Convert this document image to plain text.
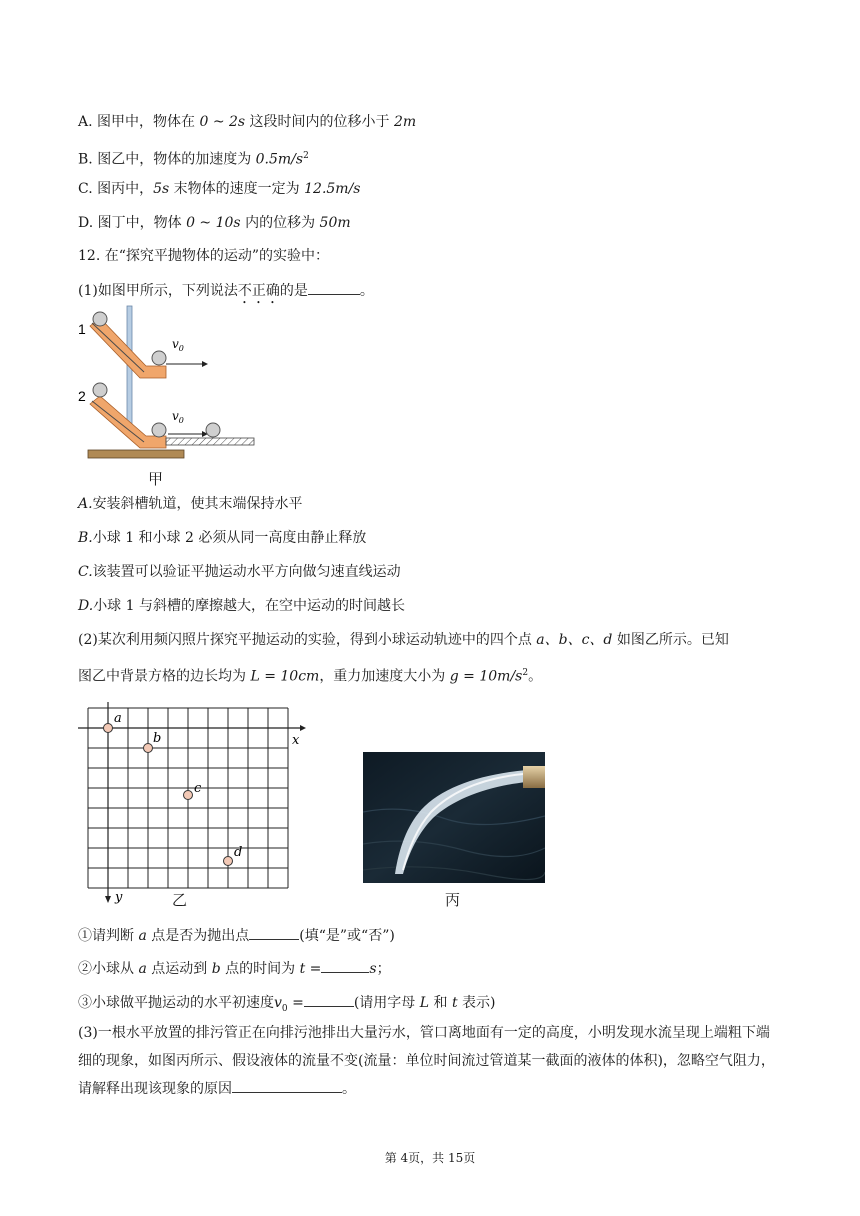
A. 图甲中，物体在 0 ~ 2s 这段时间内的位移小于 2m
B. 图乙中，物体的加速度为 $0.5m/s^2$
C. 图丙中，5s 末物体的速度一定为 12.5m/s
D. 图丁中，物体 0 ~ 10s 内的位移为 50m
12. 在“探究平抛物体的运动”的实验中：
(1)如图甲所示，下列说法不正确的是	。
$v_0$
1
$v_0$
2
甲
A.安装斜槽轨道，使其末端保持水平
B.小球 1 和小球 2 必须从同一高度由静止释放
C.该装置可以验证平抛运动水平方向做匀速直线运动
D.小球 1 与斜槽的摩擦越大，在空中运动的时间越长
(2)某次利用频闪照片探究平抛运动的实验，得到小球运动轨迹中的四个点 a、b、c、d 如图乙所示。已知
图乙中背景方格的边长均为 L = 10cm，重力加速度大小为 $g = 10m/s^2$。
x
y
a
b
c
d
乙	丙
①请判断 a 点是否为抛出点	(填“是”或“否”)
②小球从 a 点运动到 b 点的时间为 t =	s；
③小球做平抛运动的水平初速度$v_0$ =	(请用字母 L 和 t 表示)
(3)一根水平放置的排污管正在向排污池排出大量污水，管口离地面有一定的高度，小明发现水流呈现上端粗下端细的现象，如图丙所示、假设液体的流量不变(流量：单位时间流过管道某一截面的液体的体积)，忽略空气阻力，请解释出现该现象的原因	。
第 4页，共 15页
